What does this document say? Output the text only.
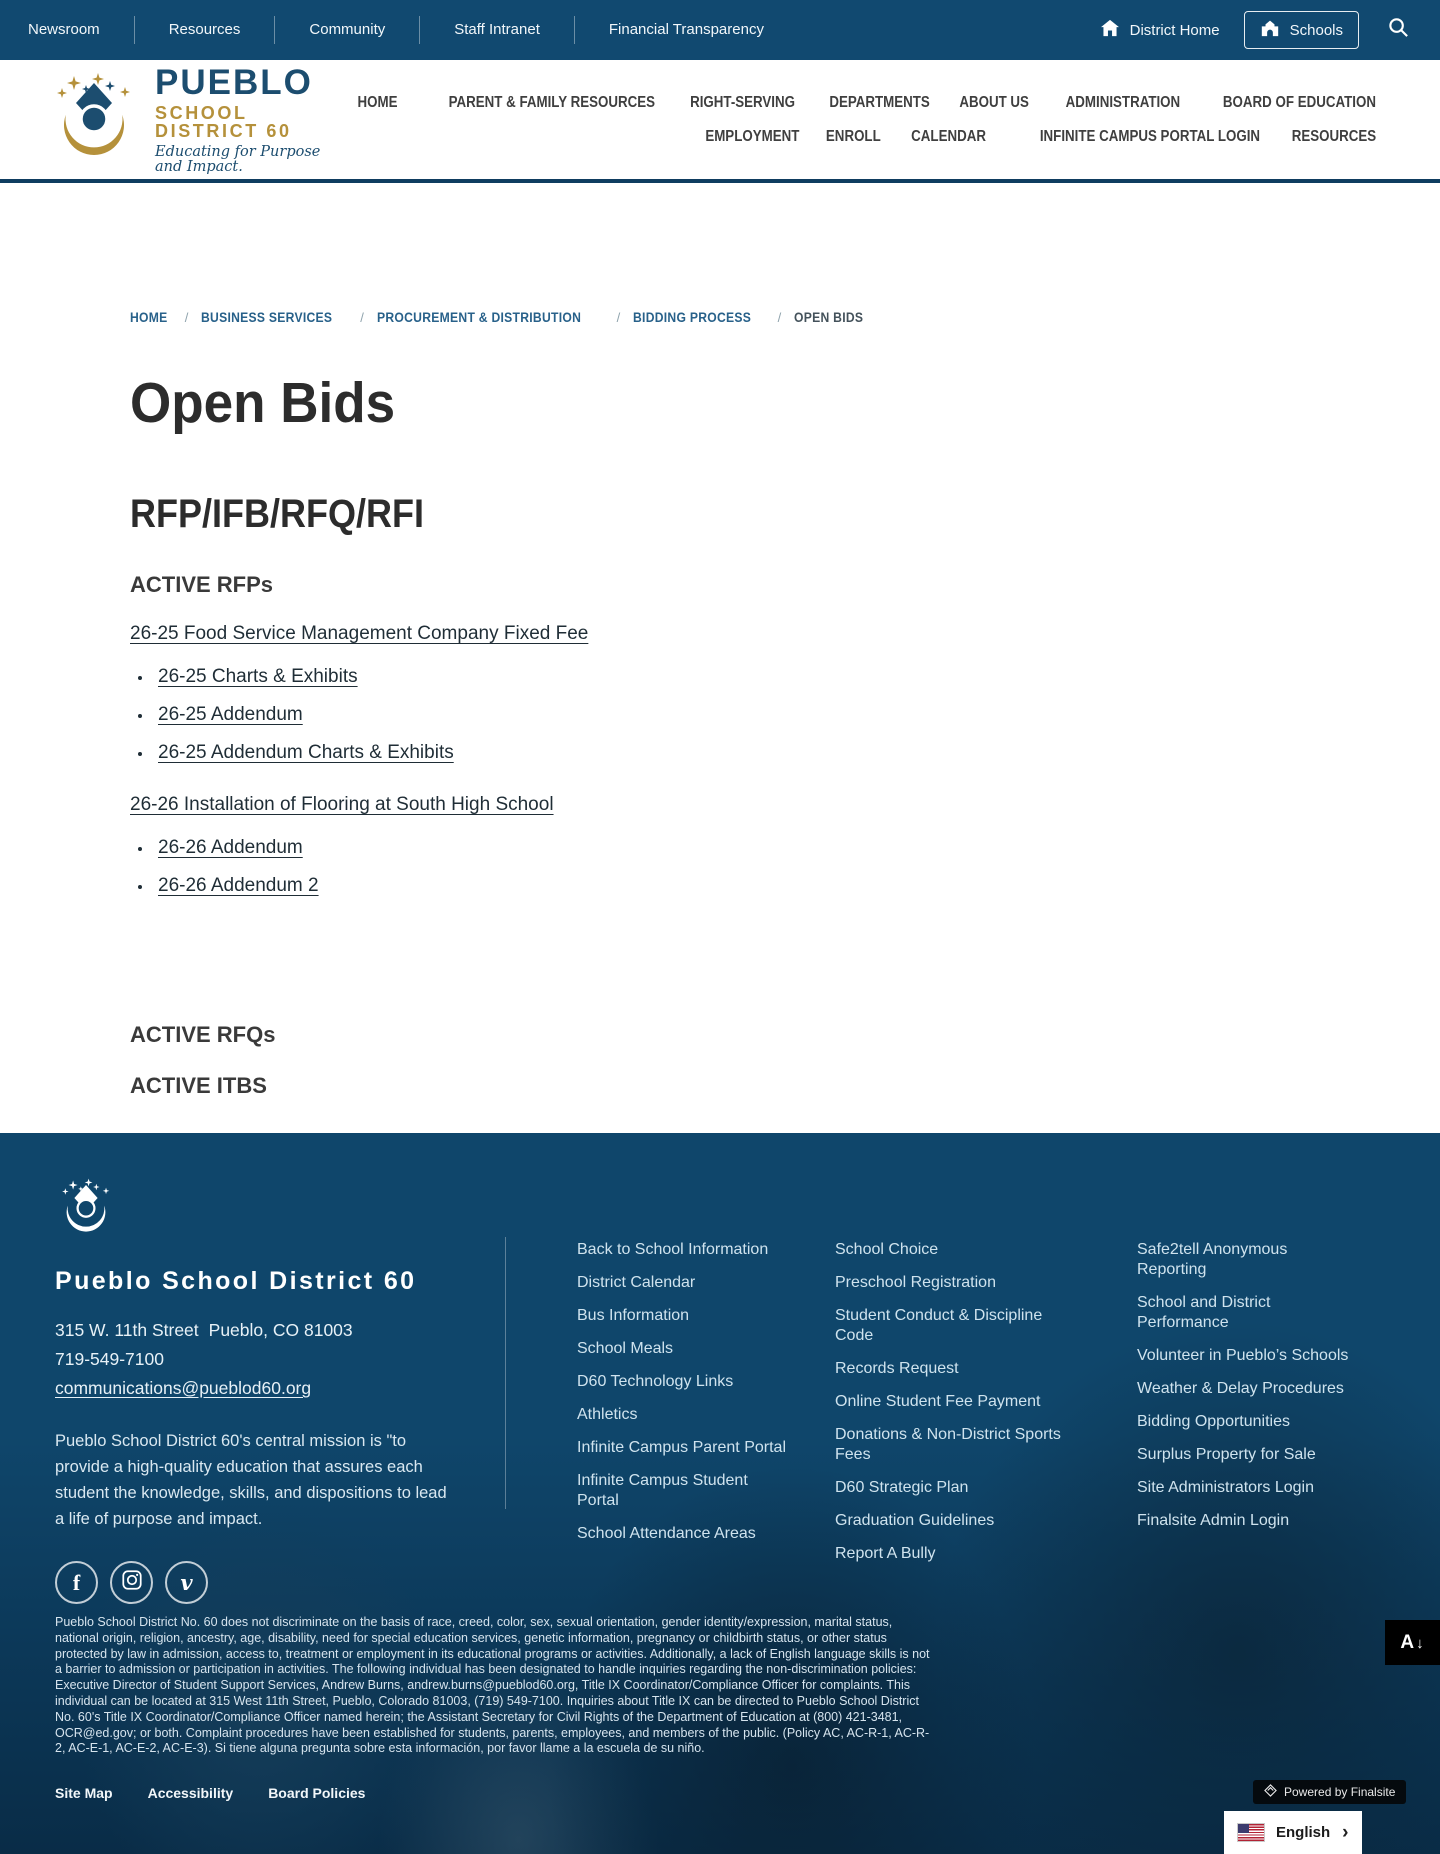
Newsroom	Resources	Community	Staff Intranet	Financial Transparency	District Home	Schools
PUEBLO
SCHOOL DISTRICT 60
Educating for Purpose and Impact.
HOME	PARENT & FAMILY RESOURCES RIGHT-SERVING DEPARTMENTS ABOUT US ADMINISTRATION	BOARD OF EDUCATION
EMPLOYMENT ENROLL CALENDAR	INFINITE CAMPUS PORTAL LOGIN RESOURCES
HOME / BUSINESS SERVICES / PROCUREMENT & DISTRIBUTION	/ BIDDING PROCESS / OPEN BIDS
Open Bids
RFP/IFB/RFQ/RFI
ACTIVE RFPs

26-25 Food Service Management Company Fixed Fee

• 26-25 Charts & Exhibits
• 26-25 Addendum
• 26-25 Addendum Charts & Exhibits

26-26 Installation of Flooring at South High School

• 26-26 Addendum
• 26-26 Addendum 2
ACTIVE RFQs
ACTIVE ITBS
Pueblo School District 60
315 W. 11th Street Pueblo, CO 81003
719-549-7100
communications@pueblod60.org

Pueblo School District 60's central mission is "to provide a high-quality education that assures each student the knowledge, skills, and dispositions to lead a life of purpose and impact.

f	v
Back to School Information
District Calendar
Bus Information
School Meals
D60 Technology Links
Athletics
Infinite Campus Parent Portal
Infinite Campus Student Portal
School Attendance Areas
School Choice
Preschool Registration
Student Conduct & Discipline Code
Records Request
Online Student Fee Payment
Donations & Non-District Sports Fees
D60 Strategic Plan
Graduation Guidelines
Report A Bully
Safe2tell Anonymous Reporting
School and District Performance
Volunteer in Pueblo’s Schools
Weather & Delay Procedures
Bidding Opportunities
Surplus Property for Sale
Site Administrators Login
Finalsite Admin Login

Pueblo School District No. 60 does not discriminate on the basis of race, creed, color, sex, sexual orientation, gender identity/expression, marital status, national origin, religion, ancestry, age, disability, need for special education services, genetic information, pregnancy or childbirth status, or other status protected by law in admission, access to, treatment or employment in its educational programs or activities. Additionally, a lack of English language skills is not a barrier to admission or participation in activities. The following individual has been designated to handle inquiries regarding the non-discrimination policies: Executive Director of Student Support Services, Andrew Burns, andrew.burns@pueblod60.org, Title IX Coordinator/Compliance Officer for complaints. This individual can be located at 315 West 11th Street, Pueblo, Colorado 81003, (719) 549-7100. Inquiries about Title IX can be directed to Pueblo School District No. 60's Title IX Coordinator/Compliance Officer named herein; the Assistant Secretary for Civil Rights of the Department of Education at (800) 421-3481, OCR@ed.gov; or both. Complaint procedures have been established for students, parents, employees, and members of the public. (Policy AC, AC-R-1, AC-R-2, AC-E-1, AC-E-2, AC-E-3). Si tiene alguna pregunta sobre esta información, por favor llame a la escuela de su niño.

Site Map	Accessibility	Board Policies
A↓
Powered by Finalsite
English ›
